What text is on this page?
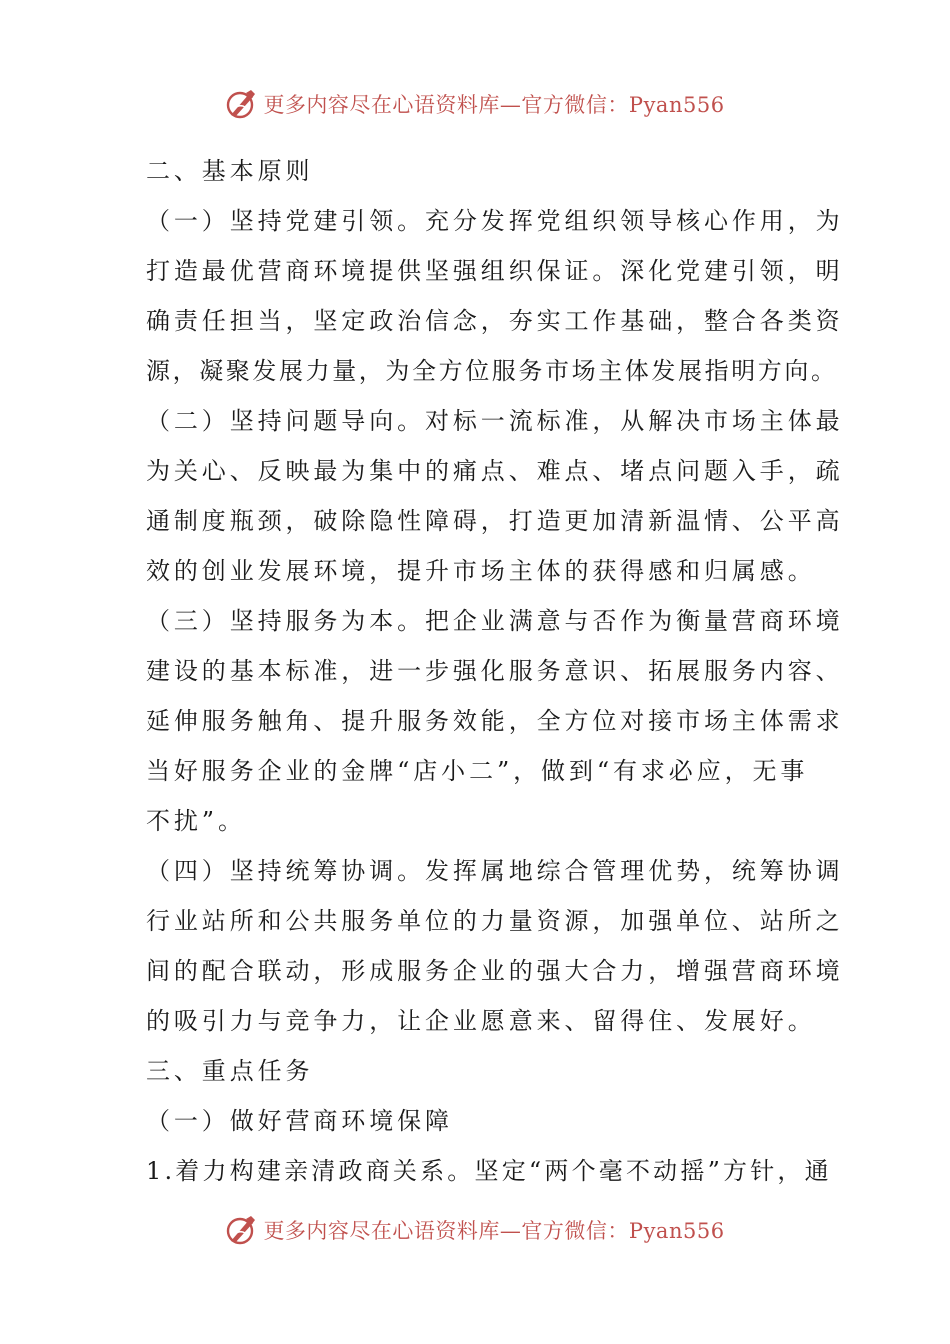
更多内容尽在心语资料库—官方微信：Pyan556
二、基本原则
（一）坚持党建引领。充分发挥党组织领导核心作用，为
打造最优营商环境提供坚强组织保证。深化党建引领，明
确责任担当，坚定政治信念，夯实工作基础，整合各类资
源，凝聚发展力量，为全方位服务市场主体发展指明方向。
（二）坚持问题导向。对标一流标准，从解决市场主体最
为关心、反映最为集中的痛点、难点、堵点问题入手，疏
通制度瓶颈，破除隐性障碍，打造更加清新温情、公平高
效的创业发展环境，提升市场主体的获得感和归属感。
（三）坚持服务为本。把企业满意与否作为衡量营商环境
建设的基本标准，进一步强化服务意识、拓展服务内容、
延伸服务触角、提升服务效能，全方位对接市场主体需求
当好服务企业的金牌“店小二”，做到“有求必应，无事
不扰”。
（四）坚持统筹协调。发挥属地综合管理优势，统筹协调
行业站所和公共服务单位的力量资源，加强单位、站所之
间的配合联动，形成服务企业的强大合力，增强营商环境
的吸引力与竞争力，让企业愿意来、留得住、发展好。
三、重点任务
（一）做好营商环境保障
1.着力构建亲清政商关系。坚定“两个毫不动摇”方针，通
更多内容尽在心语资料库—官方微信：Pyan556
